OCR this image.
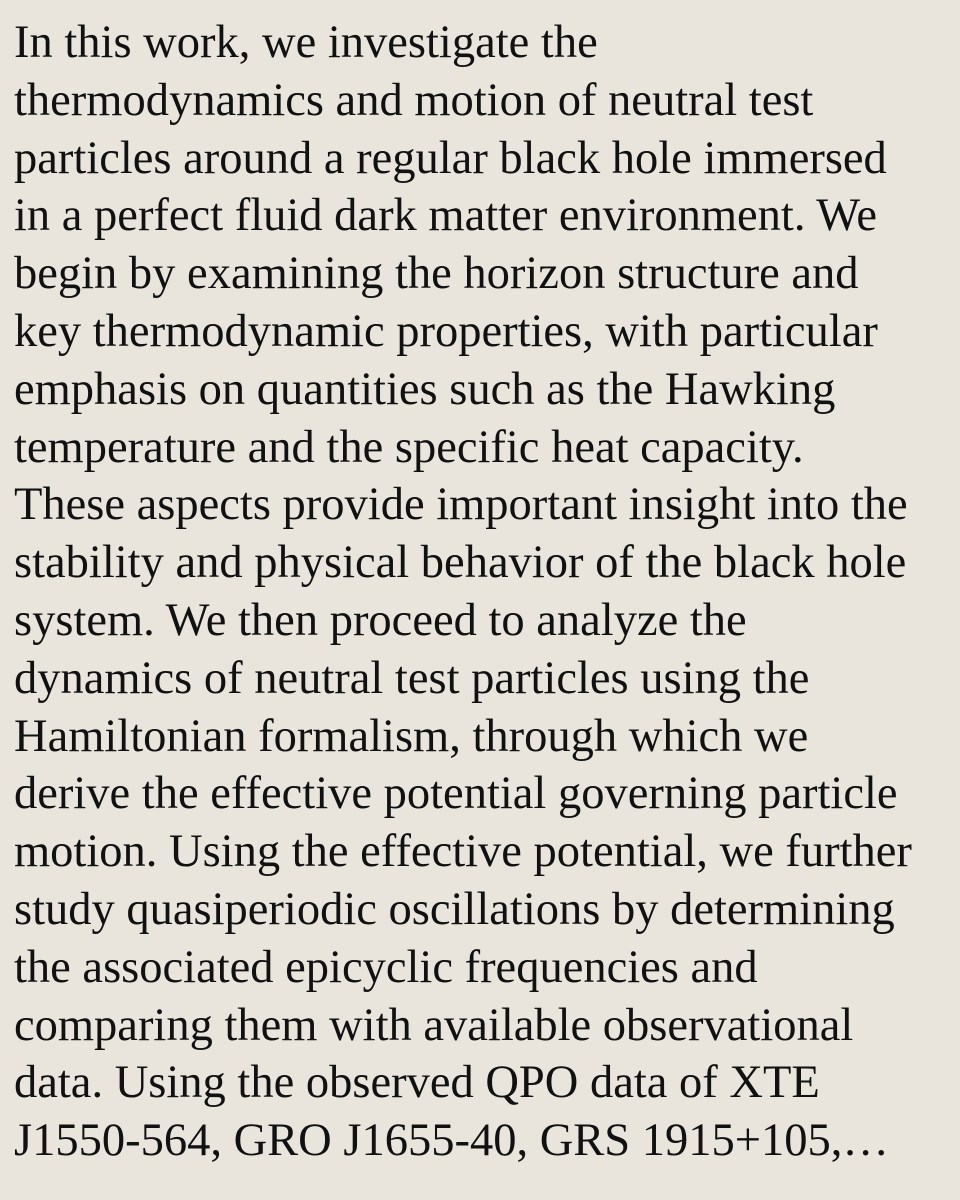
In this work, we investigate the
thermodynamics and motion of neutral test
particles around a regular black hole immersed
in a perfect fluid dark matter environment. We
begin by examining the horizon structure and
key thermodynamic properties, with particular
emphasis on quantities such as the Hawking
temperature and the specific heat capacity.
These aspects provide important insight into the
stability and physical behavior of the black hole
system. We then proceed to analyze the
dynamics of neutral test particles using the
Hamiltonian formalism, through which we
derive the effective potential governing particle
motion. Using the effective potential, we further
study quasiperiodic oscillations by determining
the associated epicyclic frequencies and
comparing them with available observational
data. Using the observed QPO data of XTE
J1550-564, GRO J1655-40, GRS 1915+105,…
